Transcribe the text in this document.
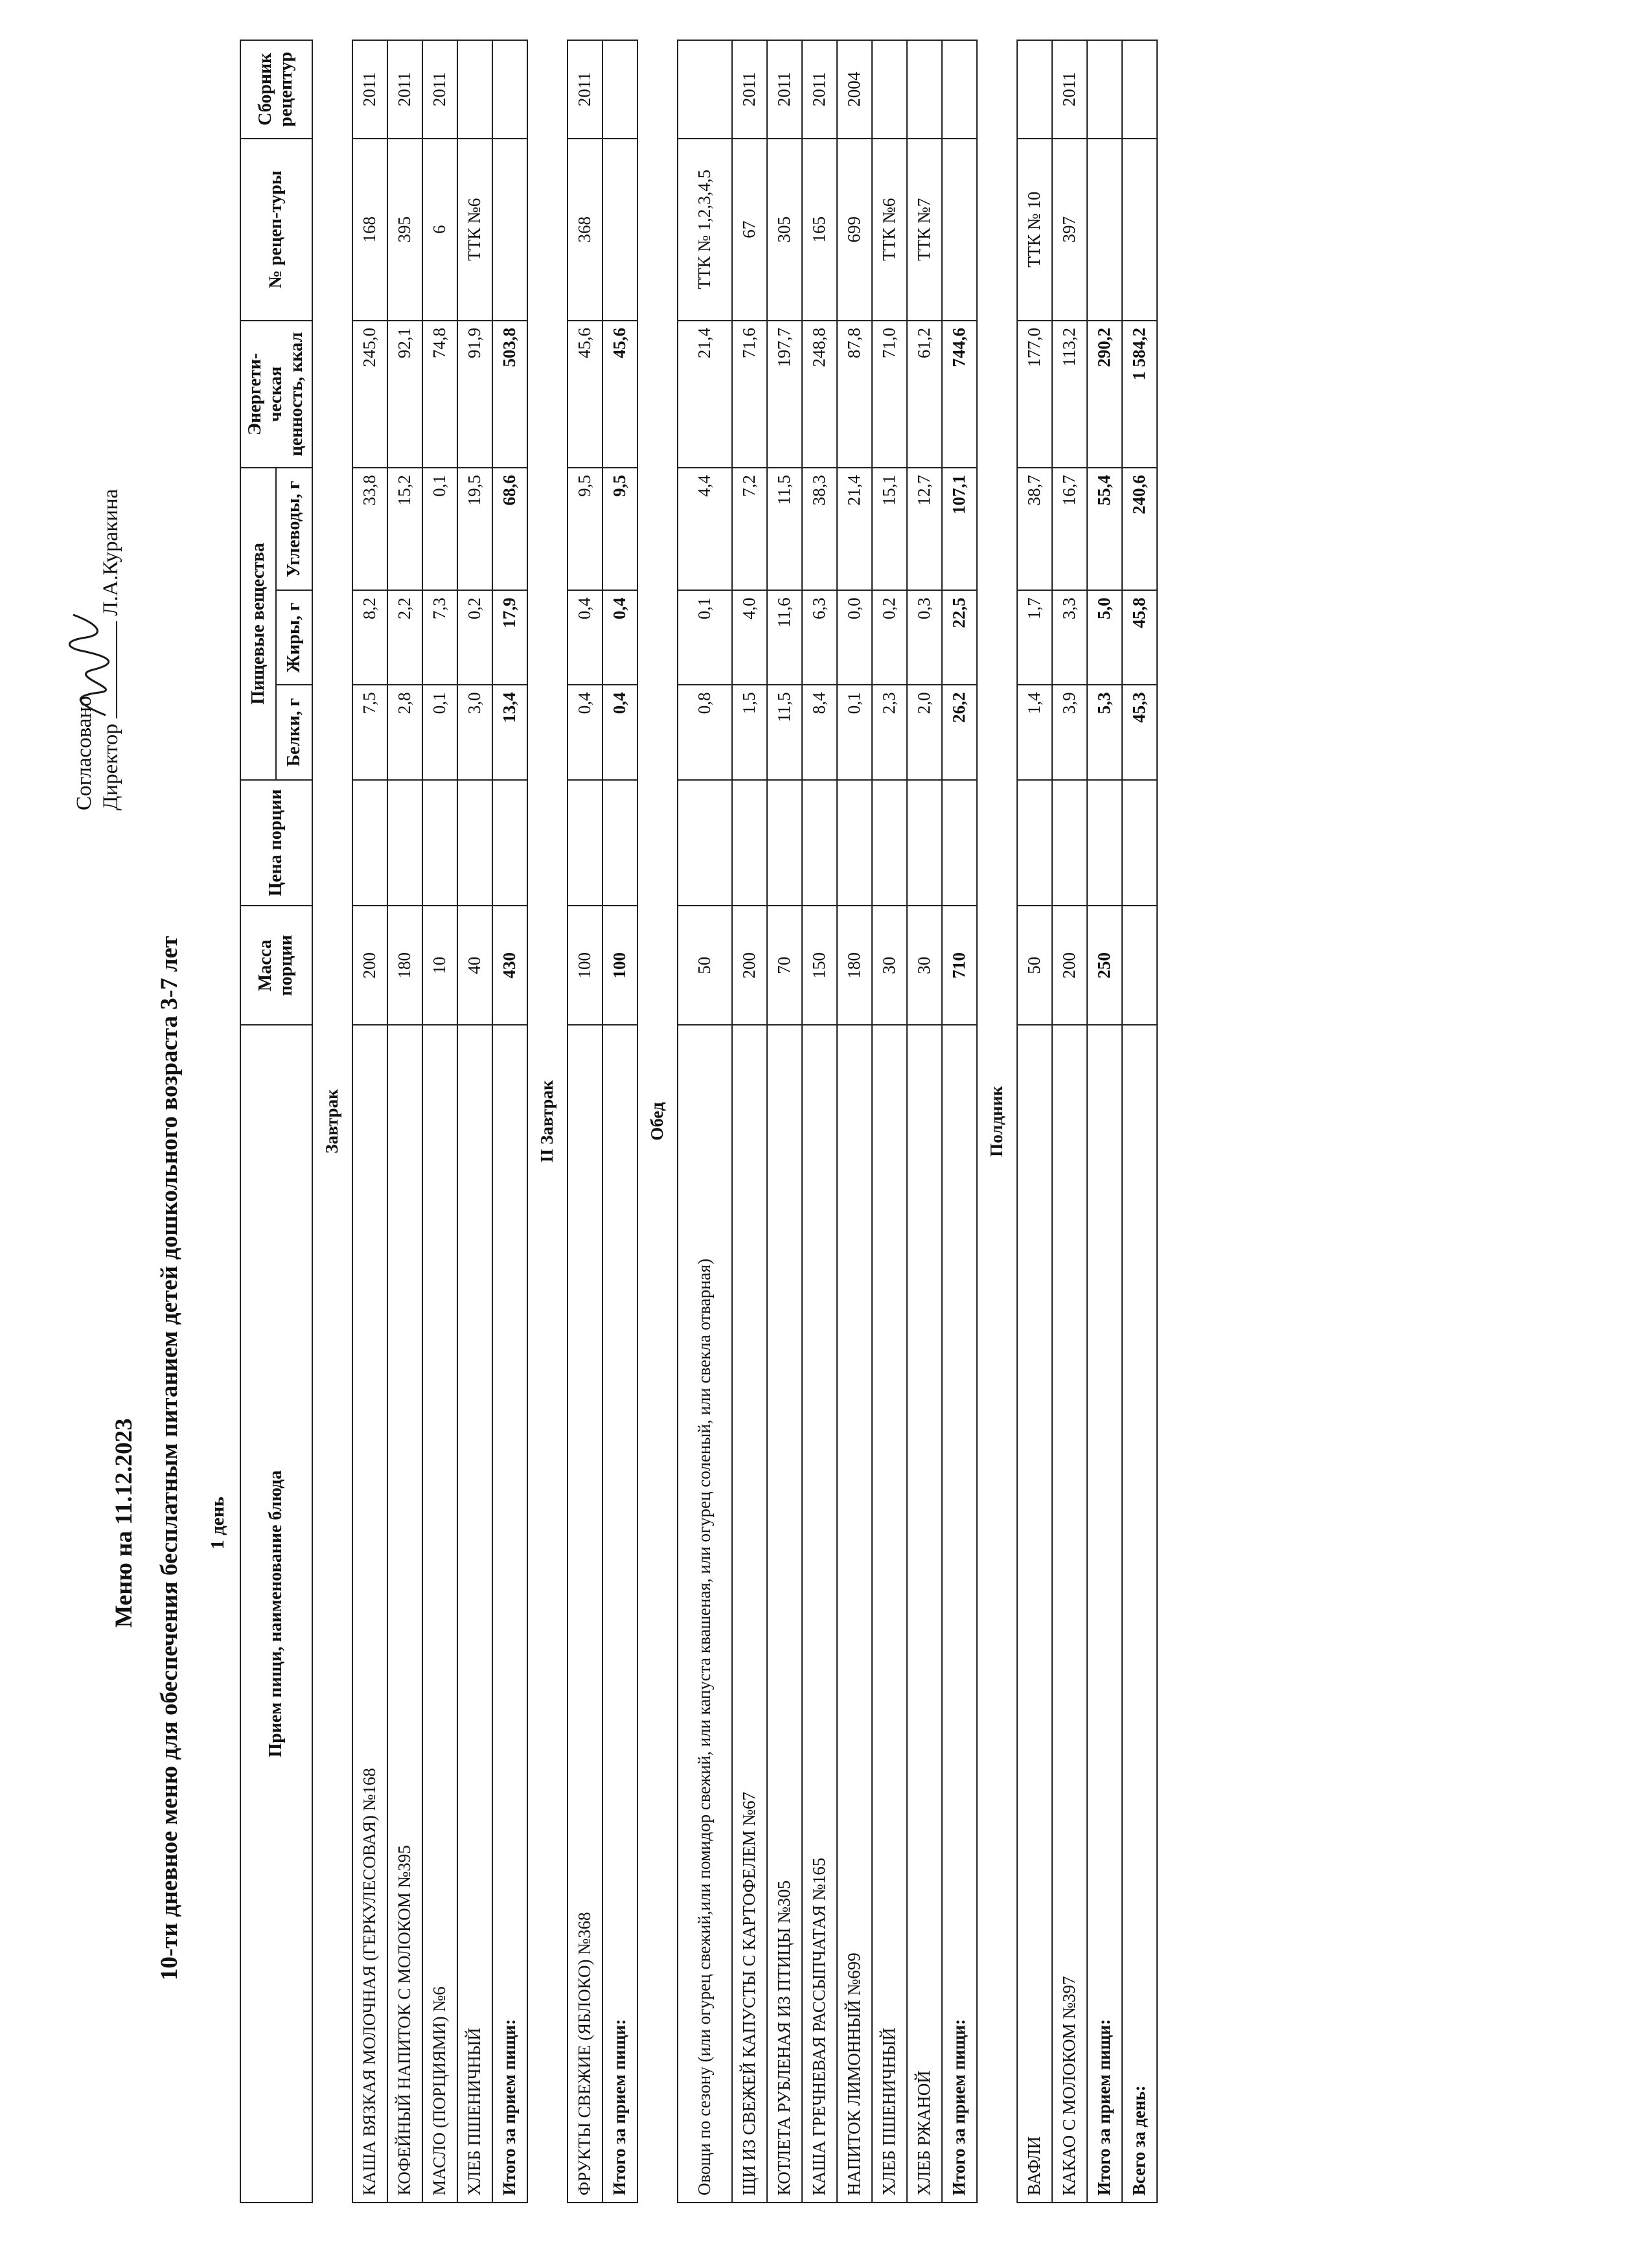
Согласовано Директор
Л.А.Куракина
Меню на 11.12.2023 10-ти дневное меню для обеспечения бесплатным питанием детей дошкольного возраста 3-7 лет 1 день Прием пищи, наименование блюда	Масса порции	Цена порции	Пищевые вещества			Энергети-ческая ценность, ккал	№ рецеп-туры	Сборник рецептур
			Белки, г	Жиры, г	Углеводы, г			
Завтрак								
КАША ВЯЗКАЯ МОЛОЧНАЯ (ГЕРКУЛЕСОВАЯ) №168	200		7,5	8,2	33,8	245,0	168	2011
КОФЕЙНЫЙ НАПИТОК С МОЛОКОМ №395	180		2,8	2,2	15,2	92,1	395	2011
МАСЛО (ПОРЦИЯМИ) №6	10		0,1	7,3	0,1	74,8	6	2011
ХЛЕБ ПШЕНИЧНЫЙ	40		3,0	0,2	19,5	91,9	ТТК №6	
Итого за прием пищи:	430		13,4	17,9	68,6	503,8		
II Завтрак								
ФРУКТЫ СВЕЖИЕ (ЯБЛОКО) №368	100		0,4	0,4	9,5	45,6	368	2011
Итого за прием пищи:	100		0,4	0,4	9,5	45,6		
Обед								
Овощи по сезону (или огурец свежий,или помидор свежий, или капуста квашеная, или огурец соленый, или свекла отварная)	50		0,8	0,1	4,4	21,4	ТТК № 1,2,3,4,5	
ЩИ ИЗ СВЕЖЕЙ КАПУСТЫ С КАРТОФЕЛЕМ №67	200		1,5	4,0	7,2	71,6	67	2011
КОТЛЕТА РУБЛЕНАЯ ИЗ ПТИЦЫ №305	70		11,5	11,6	11,5	197,7	305	2011
КАША ГРЕЧНЕВАЯ РАССЫПЧАТАЯ №165	150		8,4	6,3	38,3	248,8	165	2011
НАПИТОК ЛИМОННЫЙ №699	180		0,1	0,0	21,4	87,8	699	2004
ХЛЕБ ПШЕНИЧНЫЙ	30		2,3	0,2	15,1	71,0	ТТК №6	
ХЛЕБ РЖАНОЙ	30		2,0	0,3	12,7	61,2	ТТК №7	
Итого за прием пищи:	710		26,2	22,5	107,1	744,6		
Полдник								
ВАФЛИ	50		1,4	1,7	38,7	177,0	ТТК № 10	
КАКАО С МОЛОКОМ №397	200		3,9	3,3	16,7	113,2	397	2011
Итого за прием пищи:	250		5,3	5,0	55,4	290,2		
Всего за день:			45,3	45,8	240,6	1 584,2		
